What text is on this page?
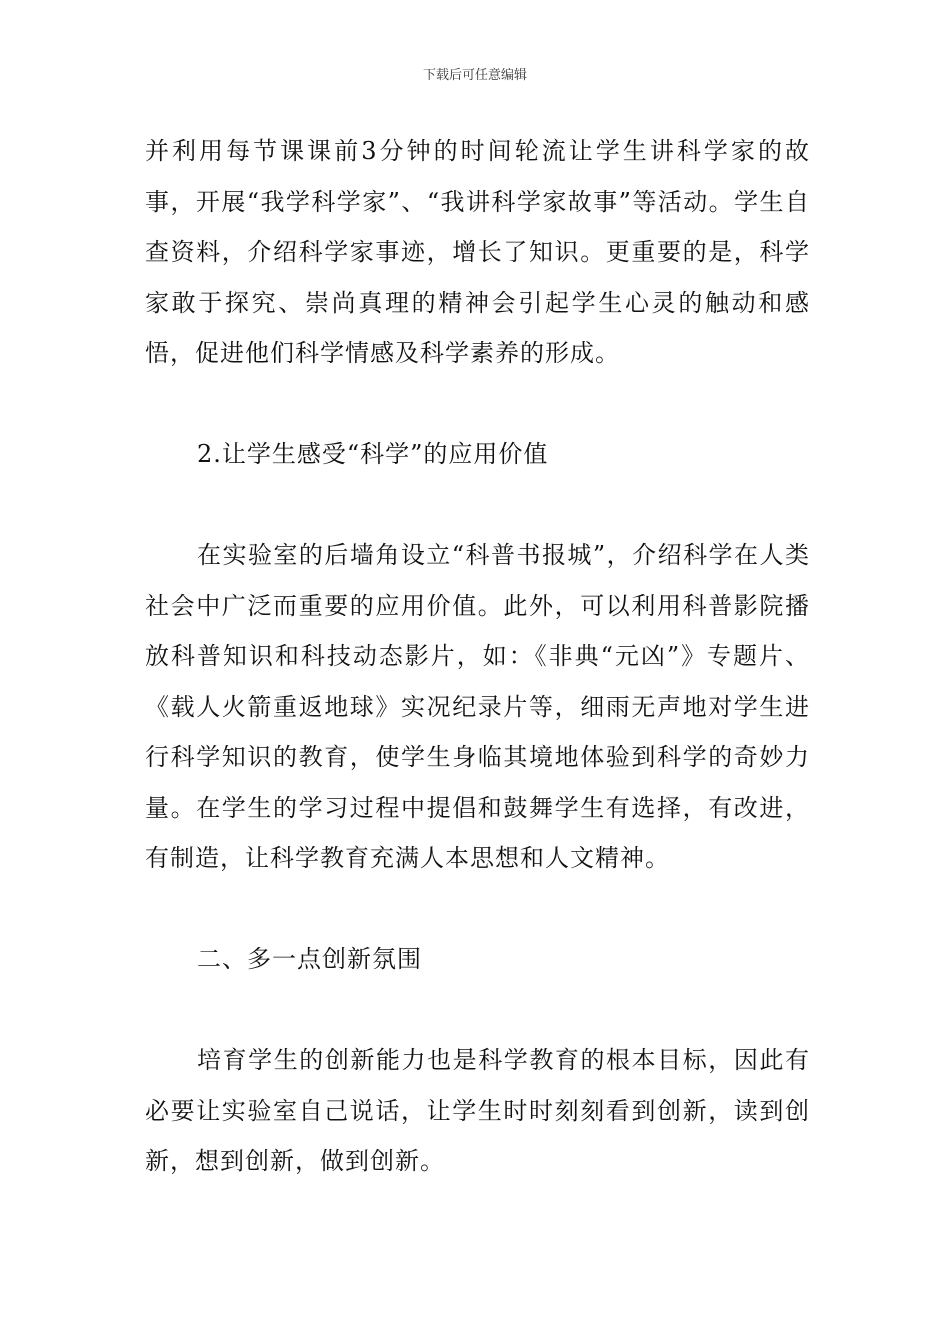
下载后可任意编辑

并利用每节课课前3分钟的时间轮流让学生讲科学家的故事，开展“我学科学家”、“我讲科学家故事”等活动。学生自查资料，介绍科学家事迹，增长了知识。更重要的是，科学家敢于探究、崇尚真理的精神会引起学生心灵的触动和感悟，促进他们科学情感及科学素养的形成。

2.让学生感受“科学”的应用价值

在实验室的后墙角设立“科普书报城”，介绍科学在人类社会中广泛而重要的应用价值。此外，可以利用科普影院播放科普知识和科技动态影片，如：《非典“元凶”》专题片、《载人火箭重返地球》实况纪录片等，细雨无声地对学生进行科学知识的教育，使学生身临其境地体验到科学的奇妙力量。在学生的学习过程中提倡和鼓舞学生有选择，有改进，有制造，让科学教育充满人本思想和人文精神。

二、多一点创新氛围

培育学生的创新能力也是科学教育的根本目标，因此有必要让实验室自己说话，让学生时时刻刻看到创新，读到创新，想到创新，做到创新。
